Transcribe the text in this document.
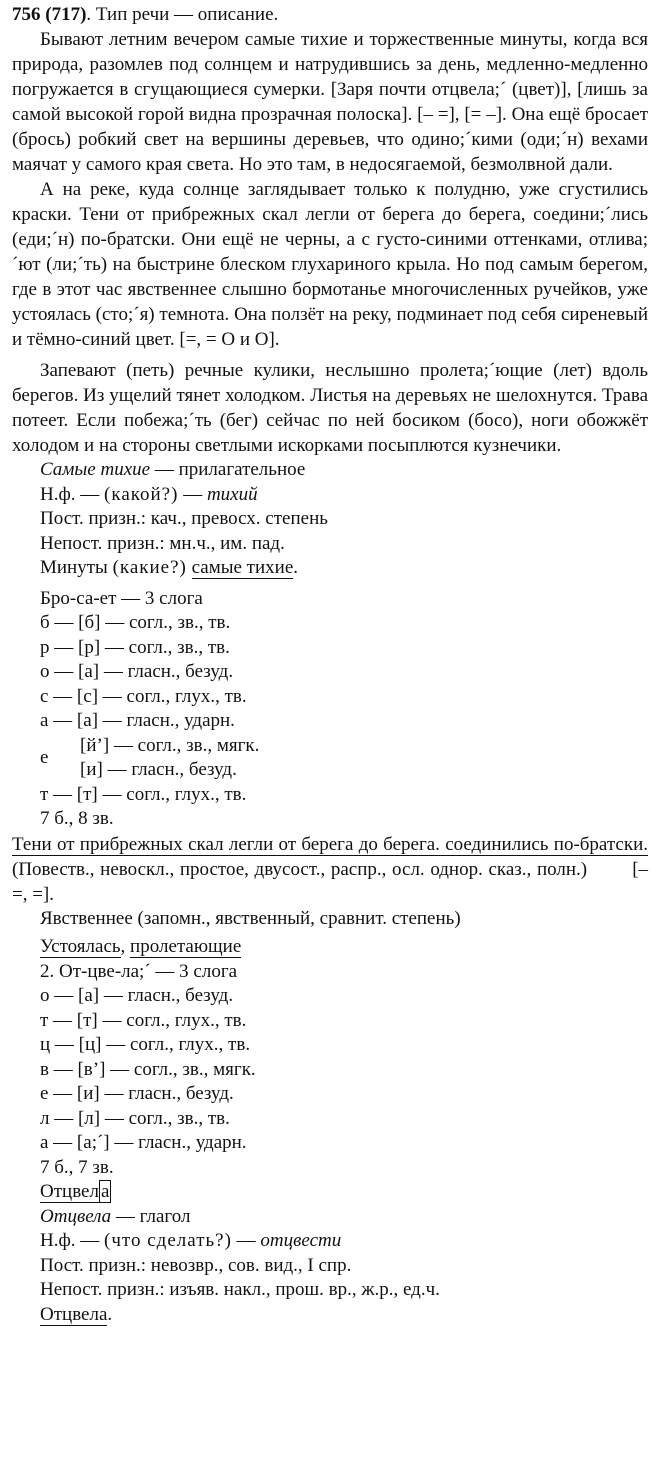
756 (717). Тип речи — описание.

Бывают летним вечером самые тихие и торжественные минуты, когда вся природа, разомлев под солнцем и натрудившись за день, медленно-медленно погружается в сгущающиеся сумерки. [Заря почти отцвела;´ (цвет)], [лишь за самой высокой горой видна прозрачная полоска]. [– =], [= –]. Она ещё бросает (брось) робкий свет на вершины деревьев, что одино;´кими (оди;´н) вехами маячат у самого края света. Но это там, в недосягаемой, безмолвной дали.

А на реке, куда солнце заглядывает только к полудню, уже сгустились краски. Тени от прибрежных скал легли от берега до берега, соедини;´лись (еди;´н) по-братски. Они ещё не черны, а с густо-синими оттенками, отлива;´ют (ли;´ть) на быстрине блеском глухариного крыла. Но под самым берегом, где в этот час явственнее слышно бормотанье многочисленных ручейков, уже устоялась (сто;´я) темнота. Она ползёт на реку, подминает под себя сиреневый и тёмно-синий цвет. [=, = О и О].

Запевают (петь) речные кулики, неслышно пролета;´ющие (лет) вдоль берегов. Из ущелий тянет холодком. Листья на деревьях не шелохнутся. Трава потеет. Если побежа;´ть (бег) сейчас по ней босиком (босо), ноги обожжёт холодом и на стороны светлыми искорками посыплются кузнечики.

Самые тихие — прилагательное
Н.ф. — (какой?) — тихий
Пост. призн.: кач., превосх. степень
Непост. призн.: мн.ч., им. пад.
Минуты (какие?) самые тихие.
Бро-са-ет — 3 слога
б — [б] — согл., зв., тв.
р — [р] — согл., зв., тв.
о — [а] — гласн., безуд.
с — [с] — согл., глух., тв.
а — [а] — гласн., ударн.
е
[й’] — согл., зв., мягк.
[и] — гласн., безуд.
т — [т] — согл., глух., тв.
7 б., 8 зв.
Тени от прибрежных скал легли от берега до берега. соединились по-братски. (Повеств., невоскл., простое, двусост., распр., осл. однор. сказ., полн.) [– =, =].
Явственнее (запомн., явственный, сравнит. степень)
Устоялась, пролетающие
2. От-цве-ла;´ — 3 слога
о — [а] — гласн., безуд.
т — [т] — согл., глух., тв.
ц — [ц] — согл., глух., тв.
в — [в’] — согл., зв., мягк.
е — [и] — гласн., безуд.
л — [л] — согл., зв., тв.
а — [а;´] — гласн., ударн.
7 б., 7 зв.
Отцвел а
Отцвела — глагол
Н.ф. — (что сделать?) — отцвести
Пост. призн.: невозвр., сов. вид., I спр.
Непост. призн.: изъяв. накл., прош. вр., ж.р., ед.ч.
Отцвела.
